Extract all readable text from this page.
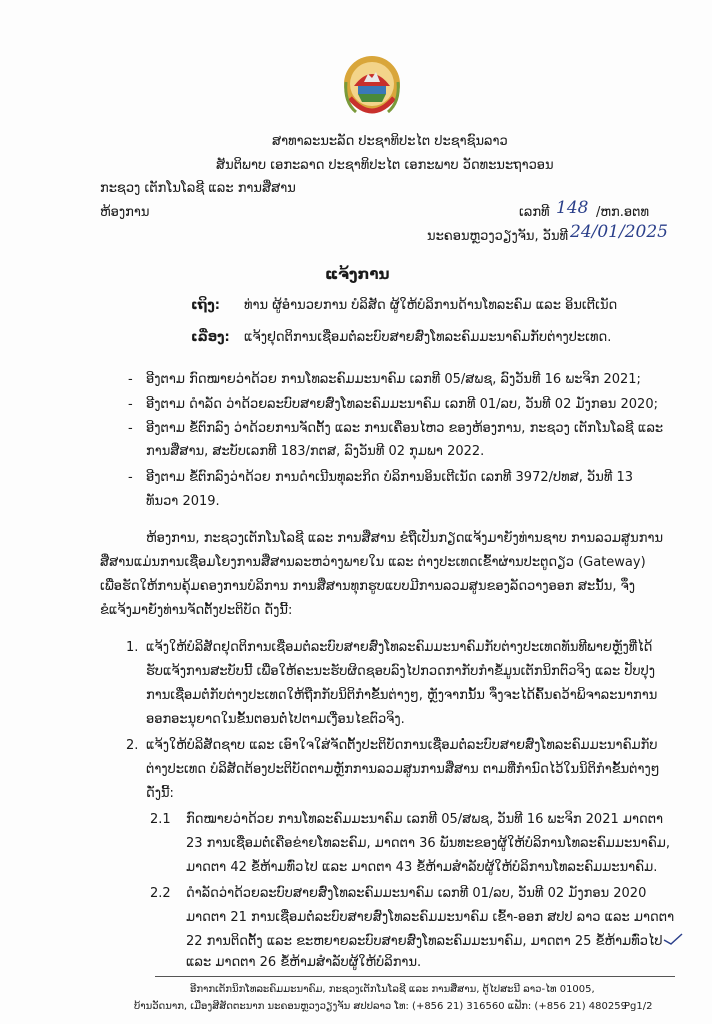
ສາທາລະນະລັດ ປະຊາທິປະໄຕ ປະຊາຊົນລາວ
ສັນຕິພາບ ເອກະລາດ ປະຊາທິປະໄຕ ເອກະພາບ ວັດທະນະຖາວອນ
ກະຊວງ ເຕັກໂນໂລຊີ ແລະ ການສື່ສານ
ຫ້ອງການ	ເລກທີ 148 /ຫກ.ອຕທ
ນະຄອນຫຼວງວຽງຈັນ, ວັນທີ 24/01/2025
ແຈ້ງການ
ເຖິງ: ທ່ານ ຜູ້ອໍານວຍການ ບໍລິສັດ ຜູ້ໃຫ້ບໍລິການດ້ານໂທລະຄົມ ແລະ ອິນເຕີເນັດ
ເລື່ອງ: ແຈ້ງຢຸດຕິການເຊື່ອມຕໍ່ລະບົບສາຍສົ່ງໂທລະຄົມມະນາຄົມກັບຕ່າງປະເທດ.
- ອີງຕາມ ກົດໝາຍວ່າດ້ວຍ ການໂທລະຄົມມະນາຄົມ ເລກທີ 05/ສພຊ, ລົງວັນທີ 16 ພະຈິກ 2021;
- ອີງຕາມ ດຳລັດ ວ່າດ້ວຍລະບົບສາຍສົ່ງໂທລະຄົມມະນາຄົມ ເລກທີ 01/ລບ, ວັນທີ 02 ມັງກອນ 2020;
- ອີງຕາມ ຂໍ້ຕົກລົງ ວ່າດ້ວຍການຈັດຕັ້ງ ແລະ ການເຄື່ອນໄຫວ ຂອງຫ້ອງການ, ກະຊວງ ເຕັກໂນໂລຊີ ແລະ
ການສື່ສານ, ສະບັບເລກທີ 183/ກຕສ, ລົງວັນທີ 02 ກຸມພາ 2022.
- ອີງຕາມ ຂໍ້ຕົກລົງວ່າດ້ວຍ ການດໍາເນີນທຸລະກິດ ບໍລິການອິນເຕີເນັດ ເລກທີ 3972/ປທສ, ວັນທີ 13
ທັນວາ 2019.
ຫ້ອງການ, ກະຊວງເຕັກໂນໂລຊີ ແລະ ການສື່ສານ ຂໍຖືເປັນກຽດແຈ້ງມາຍັງທ່ານຊາບ ການລວມສູນການ
ສື່ສານແມ່ນການເຊື່ອມໂຍງການສື່ສານລະຫວ່າງພາຍໃນ ແລະ ຕ່າງປະເທດເຂົ້າຜ່ານປະຕູດຽວ (Gateway)
ເພື່ອຮັດໃຫ້ການຄຸ້ມຄອງການບໍລິການ ການສື່ສານທຸກຮູບແບບມີການລວມສູນຂອງລັດວາງອອກ ສະນັ້ນ, ຈຶ່ງ
ຂໍແຈ້ງມາຍັງທ່ານຈັດຕັ້ງປະຕິບັດ ດັ່ງນີ້:
1. ແຈ້ງໃຫ້ບໍລິສັດຢຸດຕິການເຊື່ອມຕໍ່ລະບົບສາຍສົ່ງໂທລະຄົມມະນາຄົມກັບຕ່າງປະເທດທັນທີພາຍຫຼັງທີ່ໄດ້
ຮັບແຈ້ງການສະບັບນີ້ ເພື່ອໃຫ້ຄະນະຮັບຜິດຊອບລົງໄປກວດກາກັບກຳຂໍ້ມູນເຕັກນິກຕົວຈິງ ແລະ ປັບປຸງ
ການເຊື່ອມຕໍ່ກັບຕ່າງປະເທດໃຫ້ຖືກກັບນິຕິກຳຂັ້ນຕ່າງໆ, ຫຼັງຈາກນັ້ນ ຈຶ່ງຈະໄດ້ຄົ້ນຄວ້າພິຈາລະນາການ
ອອກອະນຸຍາດໃນຂັ້ນຕອນຕໍ່ໄປຕາມເງື່ອນໄຂຕົວຈິງ.
2. ແຈ້ງໃຫ້ບໍລິສັດຊາບ ແລະ ເອົາໃຈໃສ່ຈັດຕັ້ງປະຕິບັດການເຊື່ອມຕໍ່ລະບົບສາຍສົ່ງໂທລະຄົມມະນາຄົມກັບ
ຕ່າງປະເທດ ບໍລິສັດຕ້ອງປະຕິບັດຕາມຫຼັກການລວມສູນການສື່ສານ ຕາມທີ່ກຳນົດໄວ້ໃນນິຕິກຳຂັ້ນຕ່າງໆ
ດັ່ງນີ້:
2.1 ກົດໝາຍວ່າດ້ວຍ ການໂທລະຄົມມະນາຄົມ ເລກທີ 05/ສພຊ, ວັນທີ 16 ພະຈິກ 2021 ມາດຕາ
23 ການເຊື່ອມຕໍ່ເຄືອຂ່າຍໂທລະຄົມ, ມາດຕາ 36 ພັນທະຂອງຜູ້ໃຫ້ບໍລິການໂທລະຄົມມະນາຄົມ,
ມາດຕາ 42 ຂໍ້ຫ້າມທົ່ວໄປ ແລະ ມາດຕາ 43 ຂໍ້ຫ້າມສຳລັບຜູ້ໃຫ້ບໍລິການໂທລະຄົມມະນາຄົມ.
2.2 ດຳລັດວ່າດ້ວຍລະບົບສາຍສົ່ງໂທລະຄົມມະນາຄົມ ເລກທີ 01/ລບ, ວັນທີ 02 ມັງກອນ 2020
ມາດຕາ 21 ການເຊື່ອມຕໍ່ລະບົບສາຍສົ່ງໂທລະຄົມມະນາຄົມ ເຂົ້າ-ອອກ ສປປ ລາວ ແລະ ມາດຕາ
22 ການຕິດຕັ້ງ ແລະ ຂະຫຍາຍລະບົບສາຍສົ່ງໂທລະຄົມມະນາຄົມ, ມາດຕາ 25 ຂໍ້ຫ້າມທົ່ວໄປ
ແລະ ມາດຕາ 26 ຂໍ້ຫ້າມສຳລັບຜູ້ໃຫ້ບໍລິການ.
ອີກາກເຕັກນິກໂທລະຄົມມະນາຄົມ, ກະຊວງເຕັກໂນໂລຊີ ແລະ ການສື່ສານ, ຕູ້ໄປສະນີ ລາວ-ໄທ 01005,
ບ້ານວັດນາກ, ເມືອງສີສັດຕະນາກ ນະຄອນຫຼວງວຽງຈັນ ສປປລາວ ໂທ: (+856 21) 316560 ແຟັກ: (+856 21) 480259
Pg1/2
